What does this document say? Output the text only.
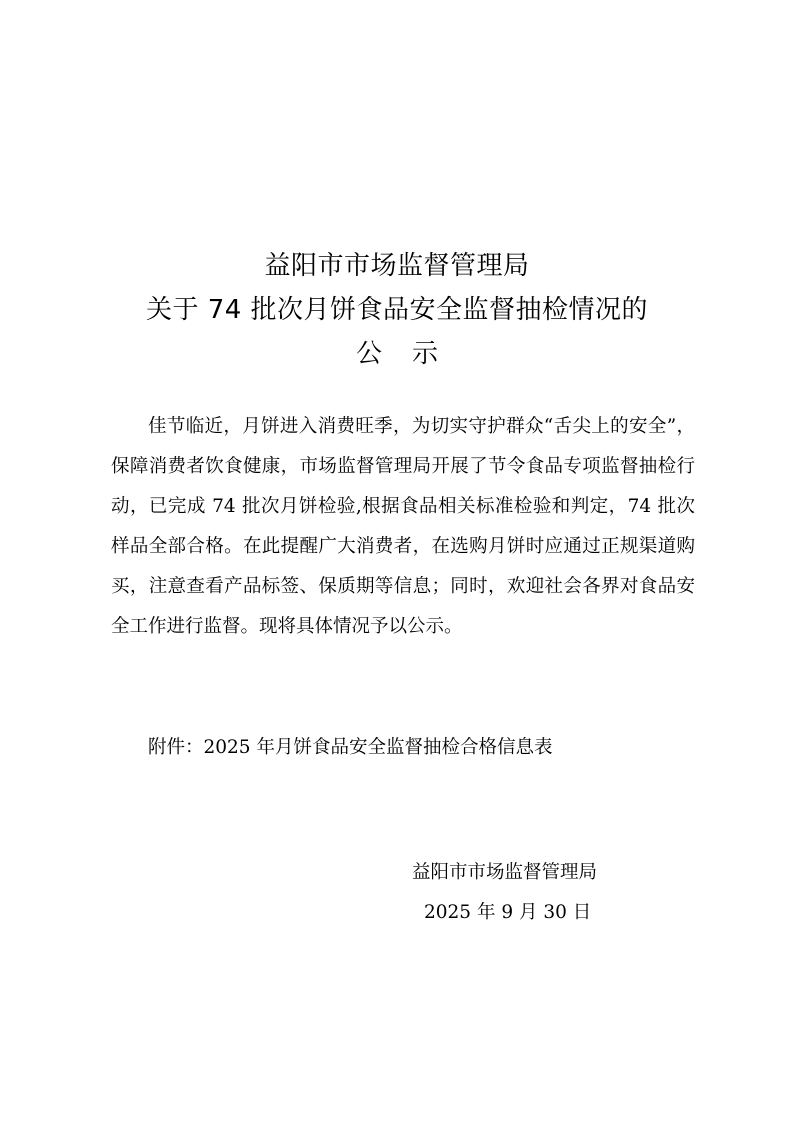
益阳市市场监督管理局
关于 74 批次月饼食品安全监督抽检情况的
公示

佳节临近，月饼进入消费旺季，为切实守护群众“舌尖上的安全”，保障消费者饮食健康，市场监督管理局开展了节令食品专项监督抽检行动，已完成 74 批次月饼检验,根据食品相关标准检验和判定，74 批次样品全部合格。在此提醒广大消费者，在选购月饼时应通过正规渠道购买，注意查看产品标签、保质期等信息；同时，欢迎社会各界对食品安全工作进行监督。现将具体情况予以公示。

附件：2025 年月饼食品安全监督抽检合格信息表
益阳市市场监督管理局
2025 年 9 月 30 日
